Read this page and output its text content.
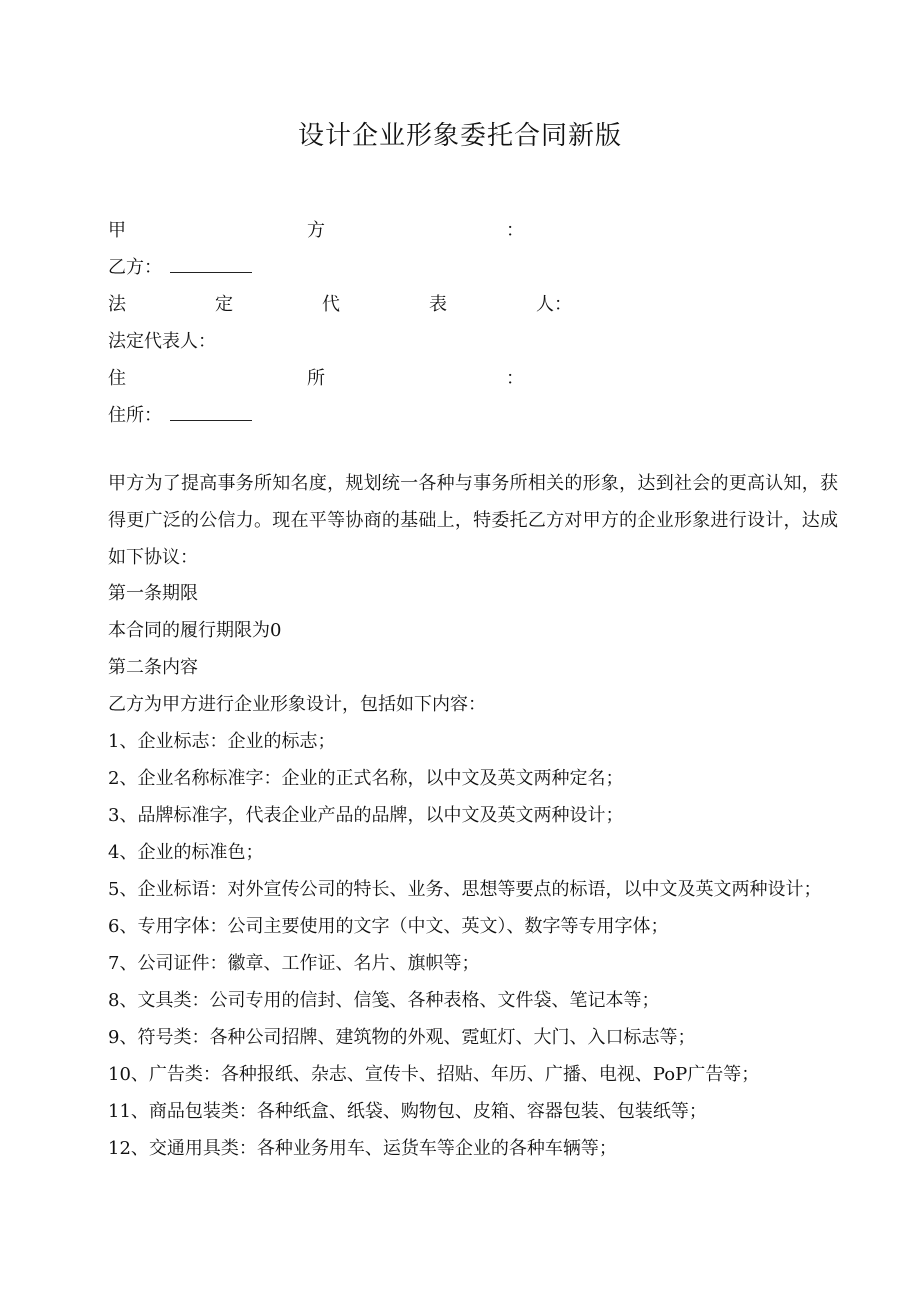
设计企业形象委托合同新版
甲	方	：
乙方：
法	定	代	表	人：
法定代表人：
住	所	：
住所：

甲方为了提高事务所知名度，规划统一各种与事务所相关的形象，达到社会的更高认知，获得更广泛的公信力。现在平等协商的基础上，特委托乙方对甲方的企业形象进行设计，达成如下协议：

第一条期限
本合同的履行期限为0
第二条内容
乙方为甲方进行企业形象设计，包括如下内容：
1、企业标志：企业的标志；
2、企业名称标准字：企业的正式名称，以中文及英文两种定名；
3、品牌标准字，代表企业产品的品牌，以中文及英文两种设计；
4、企业的标准色；
5、企业标语：对外宣传公司的特长、业务、思想等要点的标语，以中文及英文两种设计；
6、专用字体：公司主要使用的文字（中文、英文）、数字等专用字体；
7、公司证件：徽章、工作证、名片、旗帜等；
8、文具类：公司专用的信封、信笺、各种表格、文件袋、笔记本等；
9、符号类：各种公司招牌、建筑物的外观、霓虹灯、大门、入口标志等；
10、广告类：各种报纸、杂志、宣传卡、招贴、年历、广播、电视、PoP广告等；
11、商品包装类：各种纸盒、纸袋、购物包、皮箱、容器包装、包装纸等；
12、交通用具类：各种业务用车、运货车等企业的各种车辆等；
